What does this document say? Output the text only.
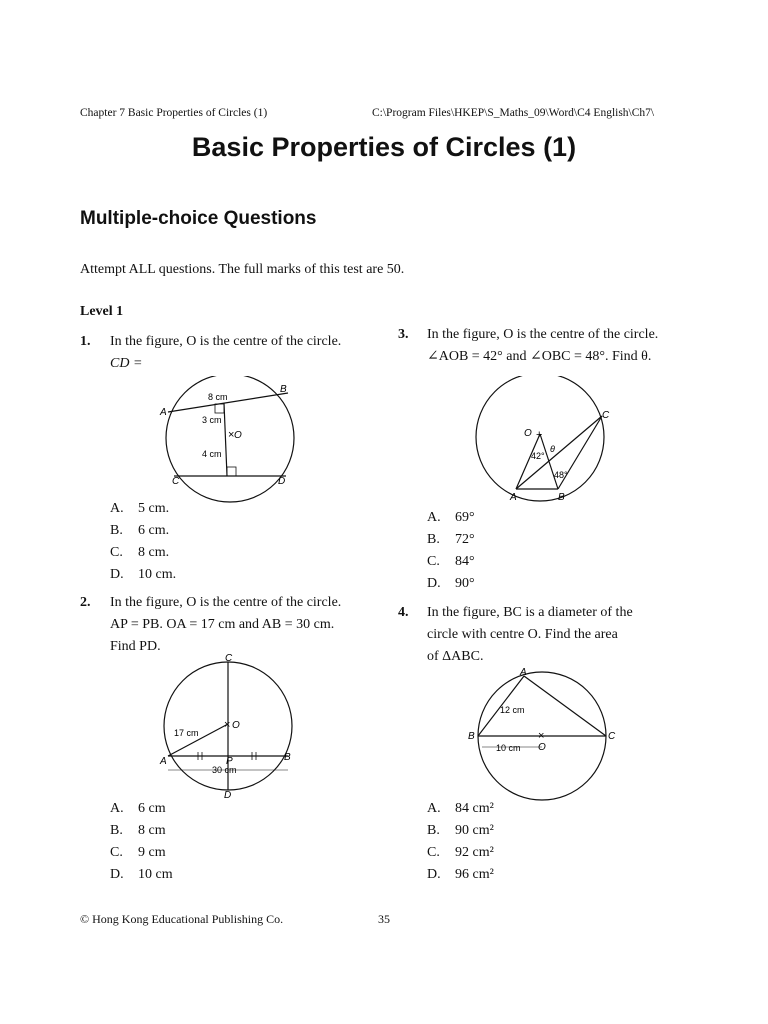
Chapter 7 Basic Properties of Circles (1)	C:\Program Files\HKEP\S_Maths_09\Word\C4 English\Ch7\
Basic Properties of Circles (1)
Multiple-choice Questions
Attempt ALL questions. The full marks of this test are 50.
Level 1
1. In the figure, O is the centre of the circle.
CD =
×
A
B
C	D
O
8 cm
3 cm
4 cm
A. 5 cm.
B. 6 cm.
C. 8 cm.
D. 10 cm.
2. In the figure, O is the centre of the circle.
AP = PB. OA = 17 cm and AB = 30 cm.
Find PD.
×
C
D
A	B
O
P
17 cm
30 cm
A. 6 cm
B. 8 cm
C. 9 cm
D. 10 cm
3. In the figure, O is the centre of the circle.
∠AOB = 42° and ∠OBC = 48°. Find θ.
+
O
A	B
C
θ
42°
48°
A. 69°
B. 72°
C. 84°
D. 90°
4. In the figure, BC is a diameter of the
circle with centre O. Find the area
of ΔABC.
×
A
B	C
O
12 cm
10 cm
A. 84 cm²
B. 90 cm²
C. 92 cm²
D. 96 cm²
© Hong Kong Educational Publishing Co.	35
